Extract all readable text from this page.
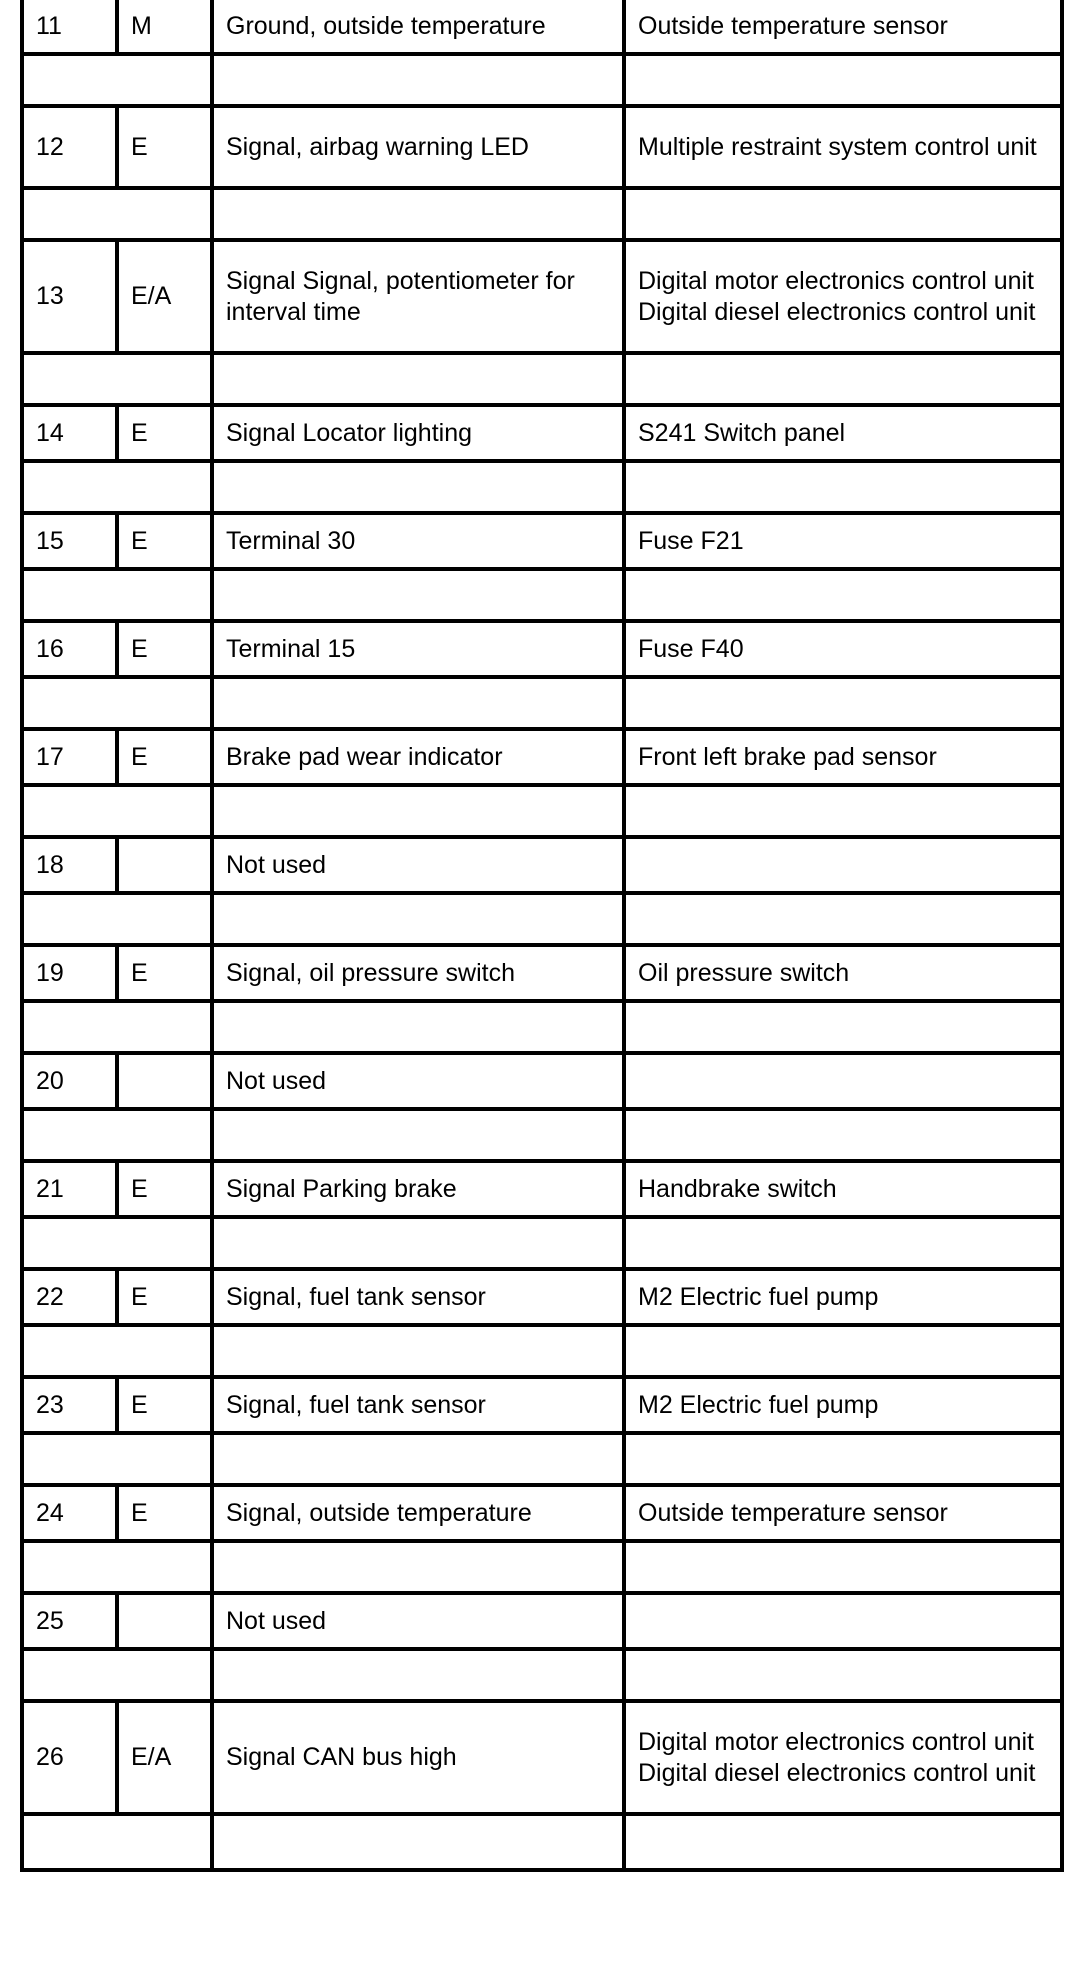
11	M	Ground, outside temperature	Outside temperature sensor

12	E	Signal, airbag warning LED	Multiple restraint system control unit

13	E/A	Signal Signal, potentiometer for interval time	Digital motor electronics control unit Digital diesel electronics control unit

14	E	Signal Locator lighting	S241 Switch panel

15	E	Terminal 30	Fuse F21

16	E	Terminal 15	Fuse F40

17	E	Brake pad wear indicator	Front left brake pad sensor

18		Not used	

19	E	Signal, oil pressure switch	Oil pressure switch

20		Not used	

21	E	Signal Parking brake	Handbrake switch

22	E	Signal, fuel tank sensor	M2 Electric fuel pump

23	E	Signal, fuel tank sensor	M2 Electric fuel pump

24	E	Signal, outside temperature	Outside temperature sensor

25		Not used	

26	E/A	Signal CAN bus high	Digital motor electronics control unit Digital diesel electronics control unit
